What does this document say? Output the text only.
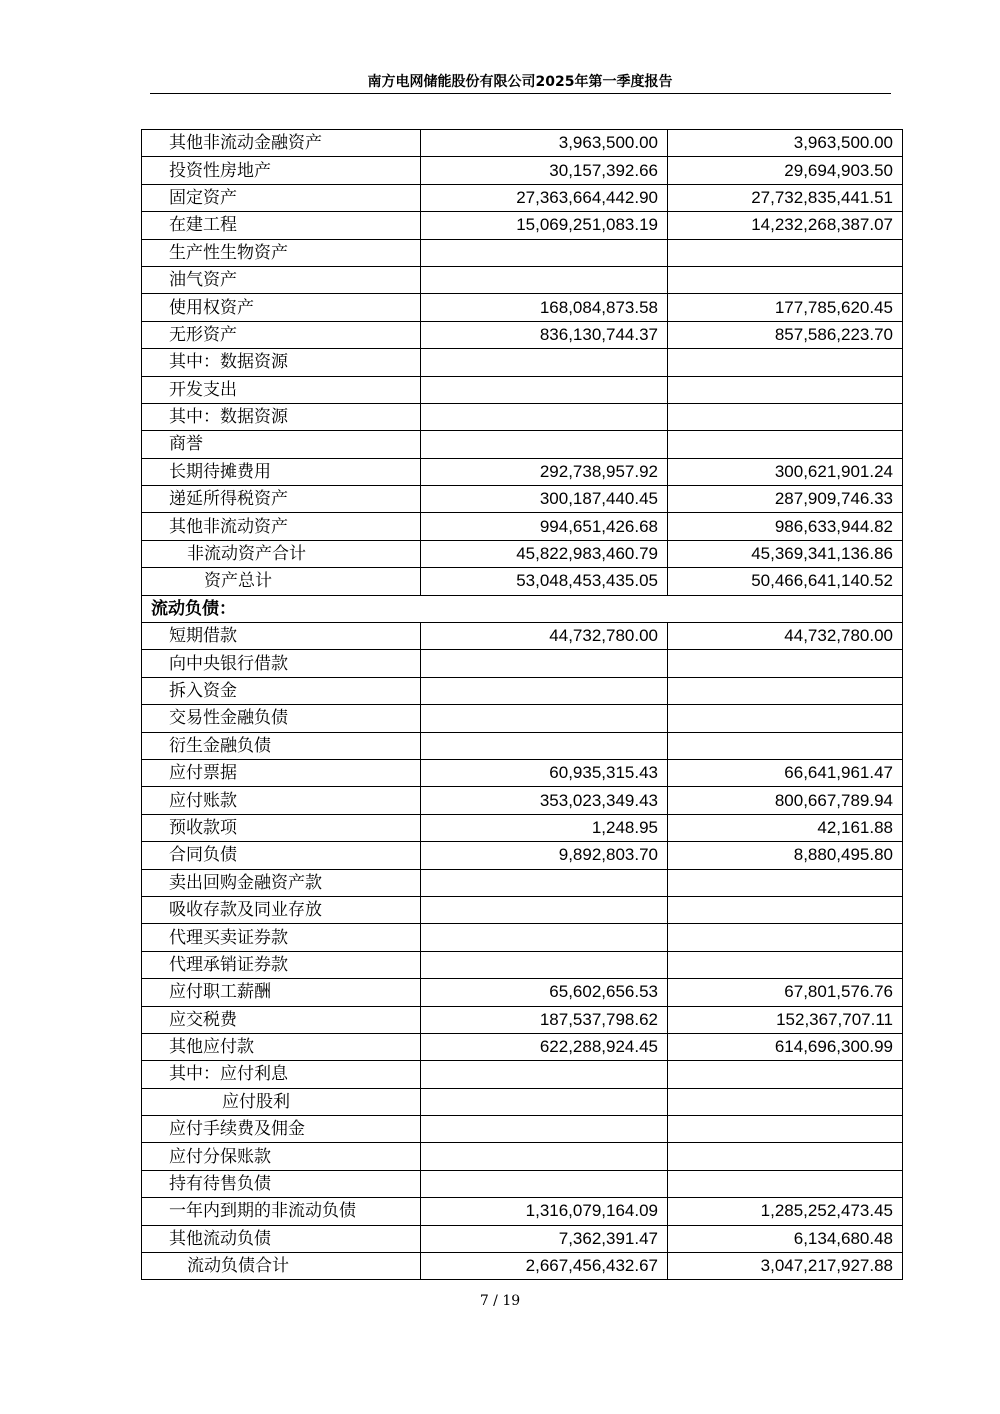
南方电网储能股份有限公司2025年第一季度报告
其他非流动金融资产	3,963,500.00	3,963,500.00
投资性房地产	30,157,392.66	29,694,903.50
固定资产	27,363,664,442.90	27,732,835,441.51
在建工程	15,069,251,083.19	14,232,268,387.07
生产性生物资产		
油气资产		
使用权资产	168,084,873.58	177,785,620.45
无形资产	836,130,744.37	857,586,223.70
其中：数据资源		
开发支出		
其中：数据资源		
商誉		
长期待摊费用	292,738,957.92	300,621,901.24
递延所得税资产	300,187,440.45	287,909,746.33
其他非流动资产	994,651,426.68	986,633,944.82
非流动资产合计	45,822,983,460.79	45,369,341,136.86
资产总计	53,048,453,435.05	50,466,641,140.52
流动负债：		
短期借款	44,732,780.00	44,732,780.00
向中央银行借款		
拆入资金		
交易性金融负债		
衍生金融负债		
应付票据	60,935,315.43	66,641,961.47
应付账款	353,023,349.43	800,667,789.94
预收款项	1,248.95	42,161.88
合同负债	9,892,803.70	8,880,495.80
卖出回购金融资产款		
吸收存款及同业存放		
代理买卖证券款		
代理承销证券款		
应付职工薪酬	65,602,656.53	67,801,576.76
应交税费	187,537,798.62	152,367,707.11
其他应付款	622,288,924.45	614,696,300.99
其中：应付利息		
应付股利		
应付手续费及佣金		
应付分保账款		
持有待售负债		
一年内到期的非流动负债	1,316,079,164.09	1,285,252,473.45
其他流动负债	7,362,391.47	6,134,680.48
流动负债合计	2,667,456,432.67	3,047,217,927.88
7 / 19
